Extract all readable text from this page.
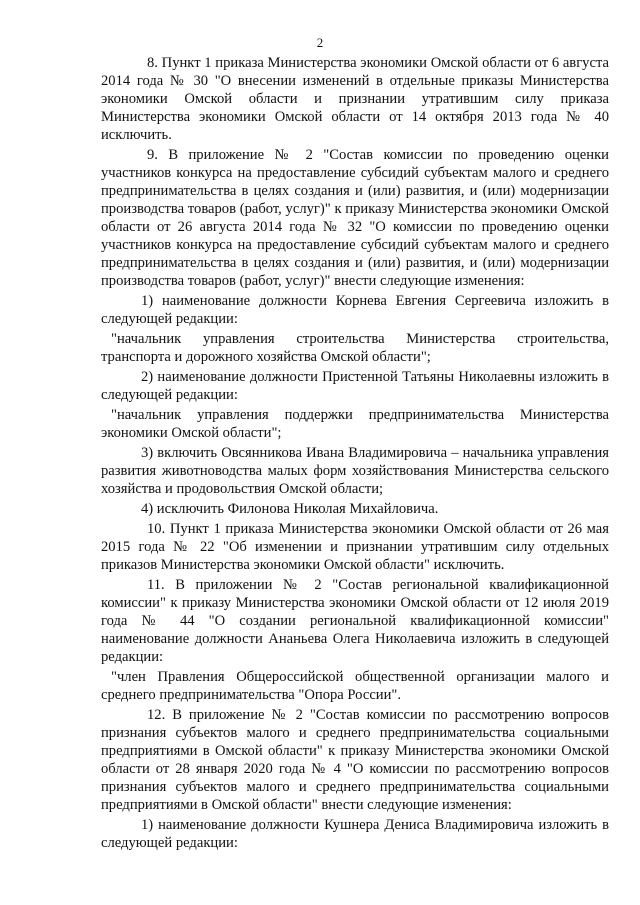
2

8. Пункт 1 приказа Министерства экономики Омской области от 6 августа 2014 года № 30 "О внесении изменений в отдельные приказы Министерства экономики Омской области и признании утратившим силу приказа Министерства экономики Омской области от 14 октября 2013 года № 40 исключить.

9. В приложение № 2 "Состав комиссии по проведению оценки участников конкурса на предоставление субсидий субъектам малого и среднего предпринимательства в целях создания и (или) развития, и (или) модернизации производства товаров (работ, услуг)" к приказу Министерства экономики Омской области от 26 августа 2014 года № 32 "О комиссии по проведению оценки участников конкурса на предоставление субсидий субъектам малого и среднего предпринимательства в целях создания и (или) развития, и (или) модернизации производства товаров (работ, услуг)" внести следующие изменения:

1) наименование должности Корнева Евгения Сергеевича изложить в следующей редакции:

"начальник управления строительства Министерства строительства, транспорта и дорожного хозяйства Омской области";

2) наименование должности Пристенной Татьяны Николаевны изложить в следующей редакции:

"начальник управления поддержки предпринимательства Министерства экономики Омской области";

3) включить Овсянникова Ивана Владимировича – начальника управления развития животноводства малых форм хозяйствования Министерства сельского хозяйства и продовольствия Омской области;

4) исключить Филонова Николая Михайловича.

10. Пункт 1 приказа Министерства экономики Омской области от 26 мая 2015 года № 22 "Об изменении и признании утратившим силу отдельных приказов Министерства экономики Омской области" исключить.

11. В приложении № 2 "Состав региональной квалификационной комиссии" к приказу Министерства экономики Омской области от 12 июля 2019 года № 44 "О создании региональной квалификационной комиссии" наименование должности Ананьева Олега Николаевича изложить в следующей редакции:

"член Правления Общероссийской общественной организации малого и среднего предпринимательства "Опора России".

12. В приложение № 2 "Состав комиссии по рассмотрению вопросов признания субъектов малого и среднего предпринимательства социальными предприятиями в Омской области" к приказу Министерства экономики Омской области от 28 января 2020 года № 4 "О комиссии по рассмотрению вопросов признания субъектов малого и среднего предпринимательства социальными предприятиями в Омской области" внести следующие изменения:

1) наименование должности Кушнера Дениса Владимировича изложить в следующей редакции:
